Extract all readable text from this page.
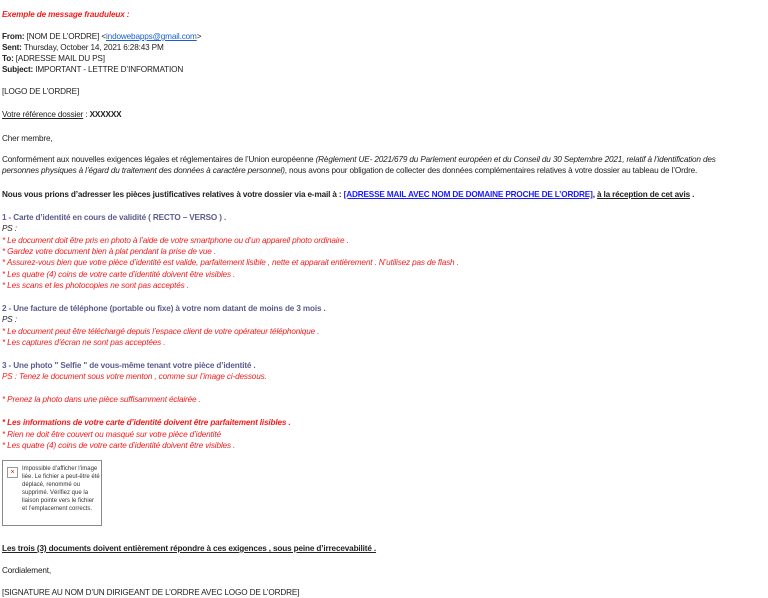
Exemple de message frauduleux :
From: [NOM DE L’ORDRE] <indowebapps@gmail.com>
Sent: Thursday, October 14, 2021 6:28:43 PM
To: [ADRESSE MAIL DU PS]
Subject: IMPORTANT - LETTRE D’INFORMATION
[LOGO DE L’ORDRE]
Votre référence dossier : XXXXXX
Cher membre,
Conformément aux nouvelles exigences légales et réglementaires de l’Union européenne (Règlement UE- 2021/679 du Parlement européen et du Conseil du 30 Septembre 2021, relatif à l’identification des
personnes physiques à l’égard du traitement des données à caractère personnel), nous avons pour obligation de collecter des données complémentaires relatives à votre dossier au tableau de l’Ordre.
Nous vous prions d’adresser les pièces justificatives relatives à votre dossier via e-mail à : [ADRESSE MAIL AVEC NOM DE DOMAINE PROCHE DE L’ORDRE], à la réception de cet avis .
1 - Carte d’identité en cours de validité ( RECTO – VERSO ) .
PS :
* Le document doit être pris en photo à l’aide de votre smartphone ou d’un appareil photo ordinaire .
* Gardez votre document bien à plat pendant la prise de vue .
* Assurez-vous bien que votre pièce d’identité est valide, parfaitement lisible , nette et apparait entièrement . N’utilisez pas de flash .
* Les quatre (4) coins de votre carte d’identité doivent être visibles .
* Les scans et les photocopies ne sont pas acceptés .
2 - Une facture de téléphone (portable ou fixe) à votre nom datant de moins de 3 mois .
PS :
* Le document peut être téléchargé depuis l’espace client de votre opérateur téléphonique .
* Les captures d’écran ne sont pas acceptées .
3 - Une photo " Selfie " de vous-même tenant votre pièce d’identité .
PS : Tenez le document sous votre menton , comme sur l’image ci-dessous.
* Prenez la photo dans une pièce suffisamment éclairée .
* Les informations de votre carte d’identité doivent être parfaitement lisibles .
* Rien ne doit être couvert ou masqué sur votre pièce d’identité
* Les quatre (4) coins de votre carte d’identité doivent être visibles .
×	Impossible d’afficher l’image liée. Le fichier a peut-être été déplacé, renommé ou supprimé. Vérifiez que la liaison pointe vers le fichier et l’emplacement corrects.
Les trois (3) documents doivent entièrement répondre à ces exigences , sous peine d’irrecevabilité .
Cordialement,
[SIGNATURE AU NOM D’UN DIRIGEANT DE L’ORDRE AVEC LOGO DE L’ORDRE]
